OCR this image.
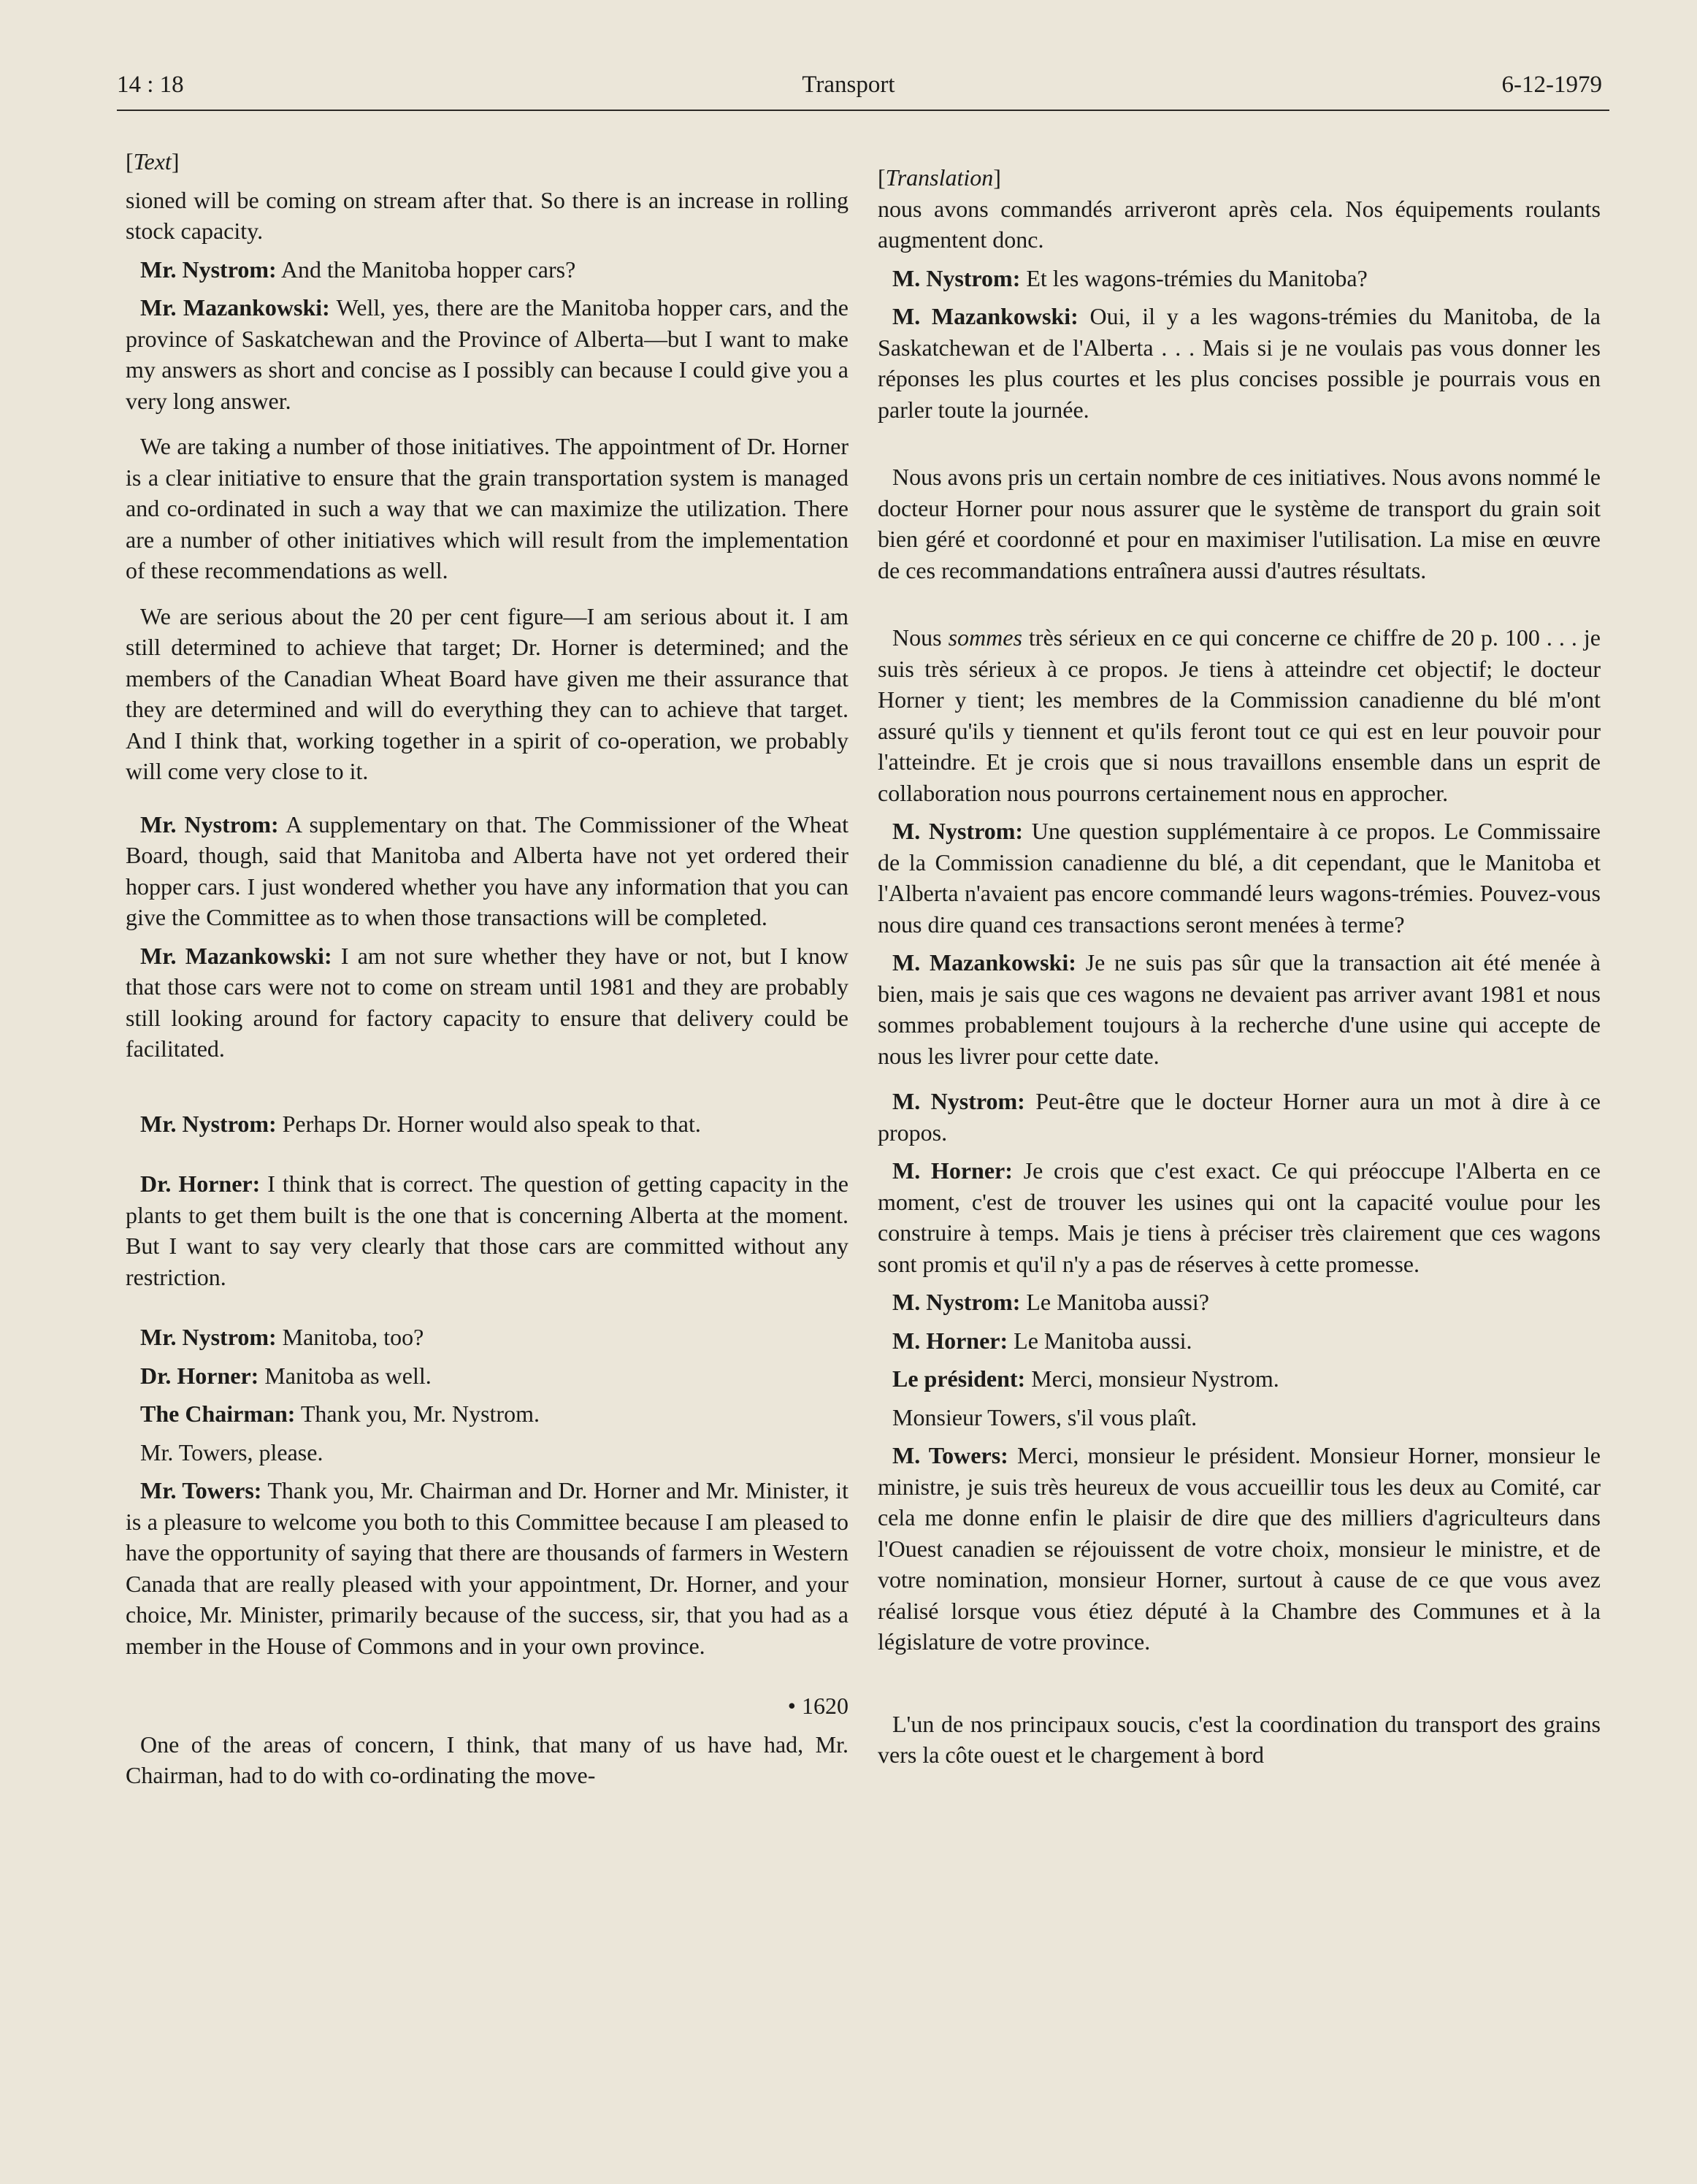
14 : 18	Transport	6-12-1979

[Text]

sioned will be coming on stream after that. So there is an increase in rolling stock capacity.

Mr. Nystrom: And the Manitoba hopper cars?

Mr. Mazankowski: Well, yes, there are the Manitoba hopper cars, and the province of Saskatchewan and the Province of Alberta—but I want to make my answers as short and concise as I possibly can because I could give you a very long answer.

We are taking a number of those initiatives. The appointment of Dr. Horner is a clear initiative to ensure that the grain transportation system is managed and co-ordinated in such a way that we can maximize the utilization. There are a number of other initiatives which will result from the implementation of these recommendations as well.

We are serious about the 20 per cent figure—I am serious about it. I am still determined to achieve that target; Dr. Horner is determined; and the members of the Canadian Wheat Board have given me their assurance that they are determined and will do everything they can to achieve that target. And I think that, working together in a spirit of co-operation, we probably will come very close to it.

Mr. Nystrom: A supplementary on that. The Commissioner of the Wheat Board, though, said that Manitoba and Alberta have not yet ordered their hopper cars. I just wondered whether you have any information that you can give the Committee as to when those transactions will be completed.

Mr. Mazankowski: I am not sure whether they have or not, but I know that those cars were not to come on stream until 1981 and they are probably still looking around for factory capacity to ensure that delivery could be facilitated.

Mr. Nystrom: Perhaps Dr. Horner would also speak to that.

Dr. Horner: I think that is correct. The question of getting capacity in the plants to get them built is the one that is concerning Alberta at the moment. But I want to say very clearly that those cars are committed without any restriction.

Mr. Nystrom: Manitoba, too?

Dr. Horner: Manitoba as well.

The Chairman: Thank you, Mr. Nystrom.

Mr. Towers, please.

Mr. Towers: Thank you, Mr. Chairman and Dr. Horner and Mr. Minister, it is a pleasure to welcome you both to this Committee because I am pleased to have the opportunity of saying that there are thousands of farmers in Western Canada that are really pleased with your appointment, Dr. Horner, and your choice, Mr. Minister, primarily because of the success, sir, that you had as a member in the House of Commons and in your own province.

• 1620

One of the areas of concern, I think, that many of us have had, Mr. Chairman, had to do with co-ordinating the move-

[Translation]

nous avons commandés arriveront après cela. Nos équipements roulants augmentent donc.

M. Nystrom: Et les wagons-trémies du Manitoba?

M. Mazankowski: Oui, il y a les wagons-trémies du Manitoba, de la Saskatchewan et de l'Alberta . . . Mais si je ne voulais pas vous donner les réponses les plus courtes et les plus concises possible je pourrais vous en parler toute la journée.

Nous avons pris un certain nombre de ces initiatives. Nous avons nommé le docteur Horner pour nous assurer que le système de transport du grain soit bien géré et coordonné et pour en maximiser l'utilisation. La mise en œuvre de ces recommandations entraînera aussi d'autres résultats.

Nous sommes très sérieux en ce qui concerne ce chiffre de 20 p. 100 . . . je suis très sérieux à ce propos. Je tiens à atteindre cet objectif; le docteur Horner y tient; les membres de la Commission canadienne du blé m'ont assuré qu'ils y tiennent et qu'ils feront tout ce qui est en leur pouvoir pour l'atteindre. Et je crois que si nous travaillons ensemble dans un esprit de collaboration nous pourrons certainement nous en approcher.

M. Nystrom: Une question supplémentaire à ce propos. Le Commissaire de la Commission canadienne du blé, a dit cependant, que le Manitoba et l'Alberta n'avaient pas encore commandé leurs wagons-trémies. Pouvez-vous nous dire quand ces transactions seront menées à terme?

M. Mazankowski: Je ne suis pas sûr que la transaction ait été menée à bien, mais je sais que ces wagons ne devaient pas arriver avant 1981 et nous sommes probablement toujours à la recherche d'une usine qui accepte de nous les livrer pour cette date.

M. Nystrom: Peut-être que le docteur Horner aura un mot à dire à ce propos.

M. Horner: Je crois que c'est exact. Ce qui préoccupe l'Alberta en ce moment, c'est de trouver les usines qui ont la capacité voulue pour les construire à temps. Mais je tiens à préciser très clairement que ces wagons sont promis et qu'il n'y a pas de réserves à cette promesse.

M. Nystrom: Le Manitoba aussi?

M. Horner: Le Manitoba aussi.

Le président: Merci, monsieur Nystrom.

Monsieur Towers, s'il vous plaît.

M. Towers: Merci, monsieur le président. Monsieur Horner, monsieur le ministre, je suis très heureux de vous accueillir tous les deux au Comité, car cela me donne enfin le plaisir de dire que des milliers d'agriculteurs dans l'Ouest canadien se réjouissent de votre choix, monsieur le ministre, et de votre nomination, monsieur Horner, surtout à cause de ce que vous avez réalisé lorsque vous étiez député à la Chambre des Communes et à la législature de votre province.

L'un de nos principaux soucis, c'est la coordination du transport des grains vers la côte ouest et le chargement à bord
